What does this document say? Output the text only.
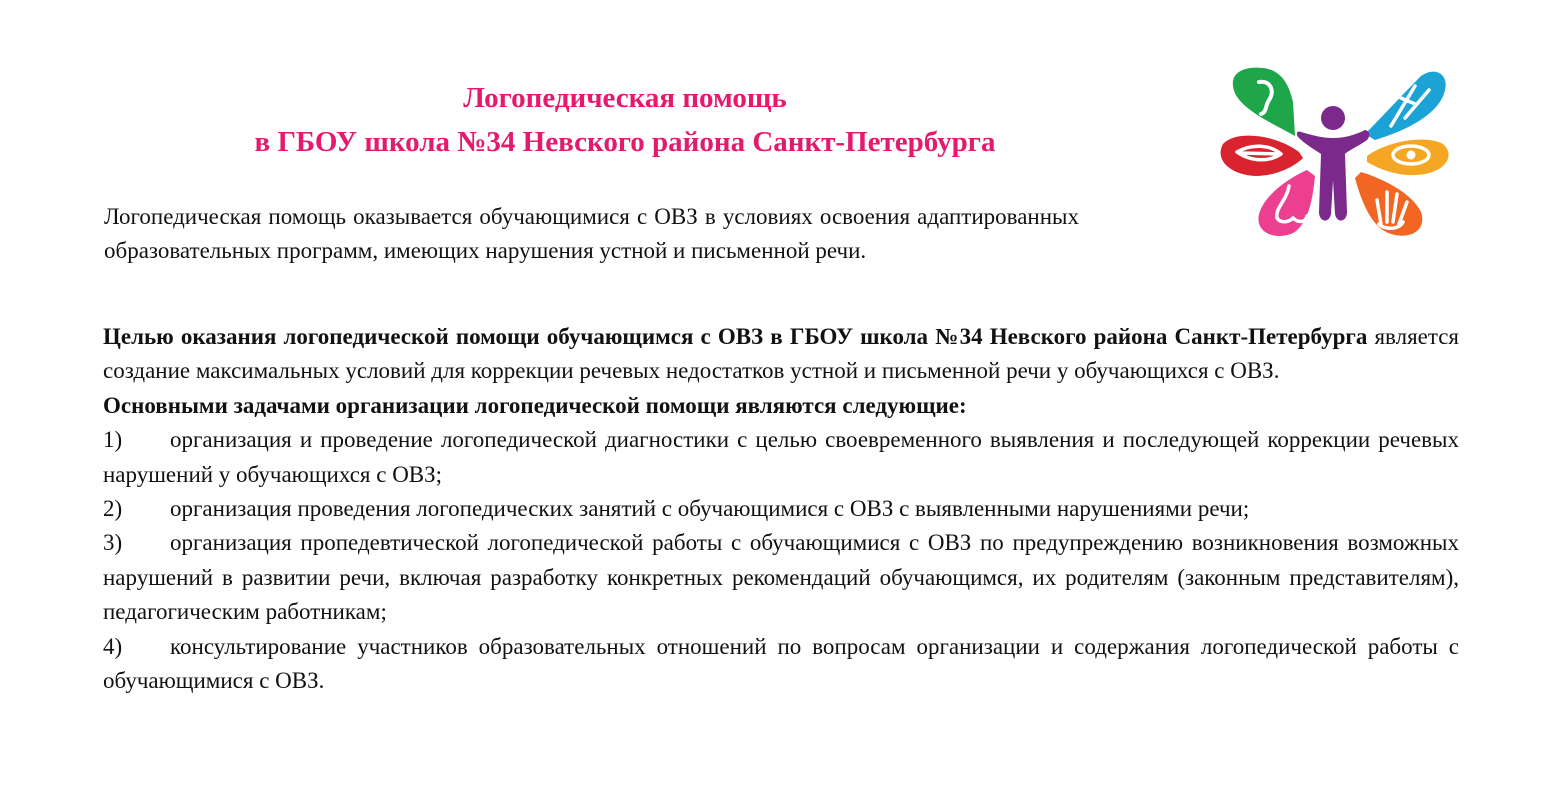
Логопедическая помощь
в ГБОУ школа №34 Невского района Санкт-Петербурга
Логопедическая помощь оказывается обучающимися с ОВЗ в условиях освоения адаптированных образовательных программ, имеющих нарушения устной и письменной речи.

Целью оказания логопедической помощи обучающимся с ОВЗ в ГБОУ школа №34 Невского района Санкт-Петербурга является создание максимальных условий для коррекции речевых недостатков устной и письменной речи у обучающихся с ОВЗ.

Основными задачами организации логопедической помощи являются следующие:

1) организация и проведение логопедической диагностики с целью своевременного выявления и последующей коррекции речевых нарушений у обучающихся с ОВЗ;

2) организация проведения логопедических занятий с обучающимися с ОВЗ с выявленными нарушениями речи;

3) организация пропедевтической логопедической работы с обучающимися с ОВЗ по предупреждению возникновения возможных нарушений в развитии речи, включая разработку конкретных рекомендаций обучающимся, их родителям (законным представителям), педагогическим работникам;

4) консультирование участников образовательных отношений по вопросам организации и содержания логопедической работы с обучающимися с ОВЗ.
